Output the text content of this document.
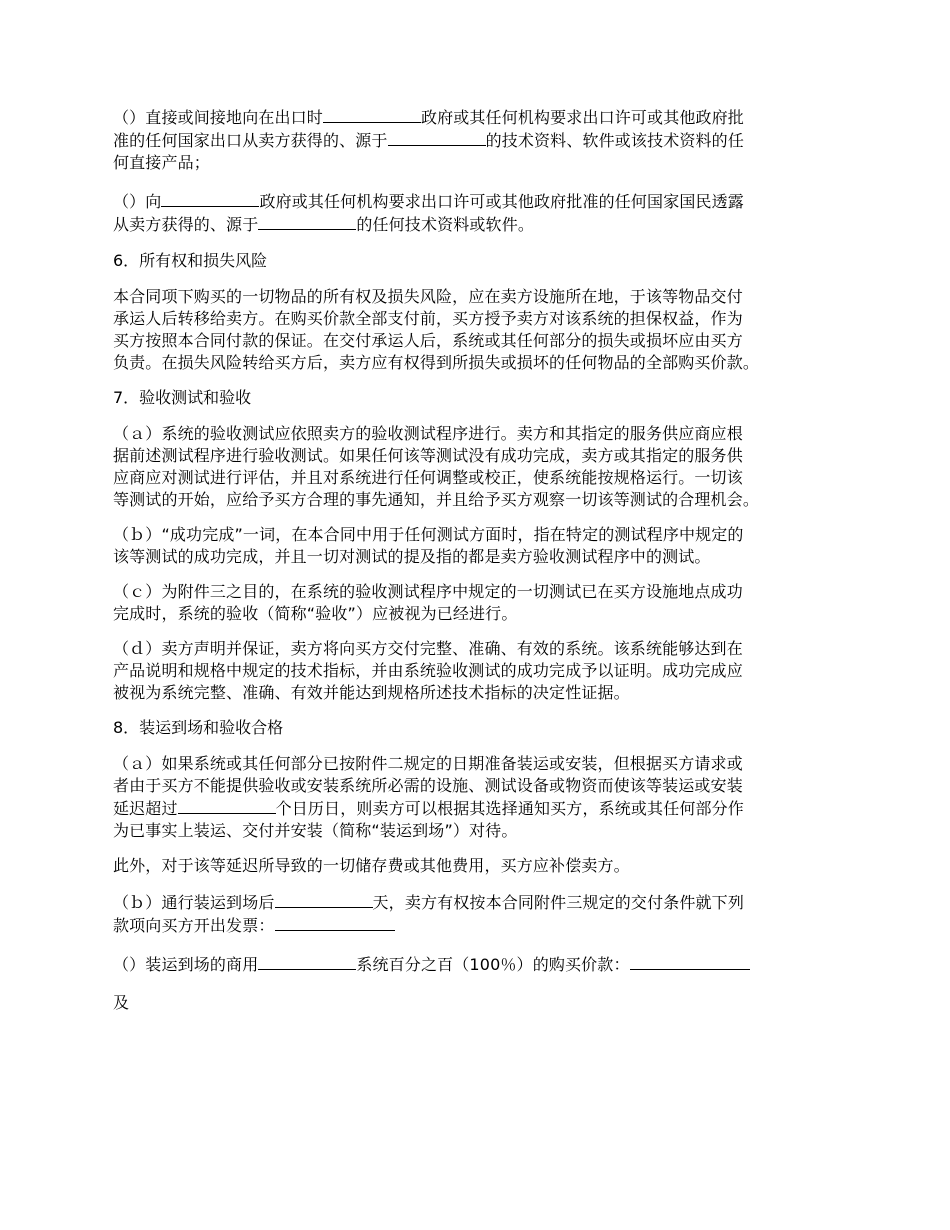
（）直接或间接地向在出口时	政府或其任何机构要求出口许可或其他政府批
准的任何国家出口从卖方获得的、源于	的技术资料、软件或该技术资料的任
何直接产品；

（）向	政府或其任何机构要求出口许可或其他政府批准的任何国家国民透露
从卖方获得的、源于	的任何技术资料或软件。

6．所有权和损失风险

本合同项下购买的一切物品的所有权及损失风险，应在卖方设施所在地，于该等物品交付
承运人后转移给卖方。在购买价款全部支付前，买方授予卖方对该系统的担保权益，作为
买方按照本合同付款的保证。在交付承运人后，系统或其任何部分的损失或损坏应由买方
负责。在损失风险转给买方后，卖方应有权得到所损失或损坏的任何物品的全部购买价款。

7．验收测试和验收

（ａ）系统的验收测试应依照卖方的验收测试程序进行。卖方和其指定的服务供应商应根
据前述测试程序进行验收测试。如果任何该等测试没有成功完成，卖方或其指定的服务供
应商应对测试进行评估，并且对系统进行任何调整或校正，使系统能按规格运行。一切该
等测试的开始，应给予买方合理的事先通知，并且给予买方观察一切该等测试的合理机会。

（ｂ）“成功完成”一词，在本合同中用于任何测试方面时，指在特定的测试程序中规定的
该等测试的成功完成，并且一切对测试的提及指的都是卖方验收测试程序中的测试。

（ｃ）为附件三之目的，在系统的验收测试程序中规定的一切测试已在买方设施地点成功
完成时，系统的验收（简称“验收”）应被视为已经进行。

（ｄ）卖方声明并保证，卖方将向买方交付完整、准确、有效的系统。该系统能够达到在
产品说明和规格中规定的技术指标，并由系统验收测试的成功完成予以证明。成功完成应
被视为系统完整、准确、有效并能达到规格所述技术指标的决定性证据。

8．装运到场和验收合格

（ａ）如果系统或其任何部分已按附件二规定的日期准备装运或安装，但根据买方请求或
者由于买方不能提供验收或安装系统所必需的设施、测试设备或物资而使该等装运或安装
延迟超过	个日历日，则卖方可以根据其选择通知买方，系统或其任何部分作
为已事实上装运、交付并安装（简称“装运到场”）对待。

此外，对于该等延迟所导致的一切储存费或其他费用，买方应补偿卖方。

（ｂ）通行装运到场后	天，卖方有权按本合同附件三规定的交付条件就下列
款项向买方开出发票：

（）装运到场的商用	系统百分之百（100％）的购买价款：

及
